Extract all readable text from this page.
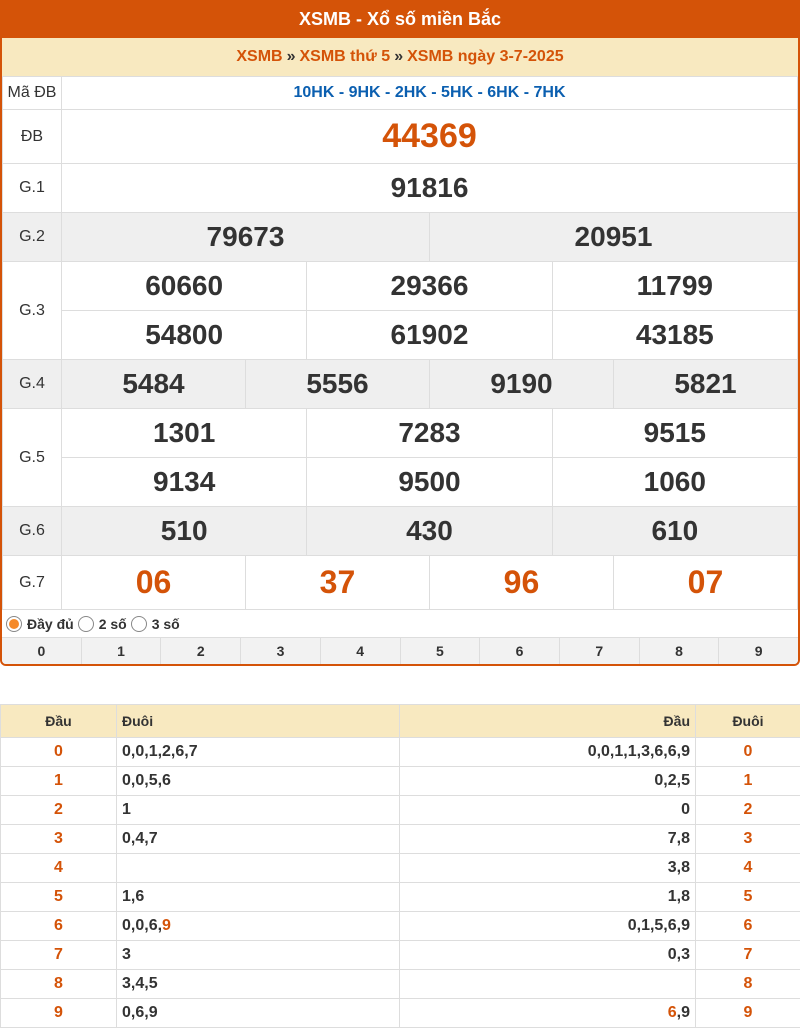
XSMB - Xổ số miền Bắc
XSMB » XSMB thứ 5 » XSMB ngày 3-7-2025
Mã ĐB	10HK - 9HK - 2HK - 5HK - 6HK - 7HK					
ĐB	44369					
G.1	91816					
G.2	79673			20951		
G.3	60660		29366		11799	
	54800		61902		43185	
G.4	5484	5556		9190		5821
G.5	1301		7283		9515	
	9134		9500		1060	
G.6	510		430		610	
G.7	06	37		96		07
Đầy đủ 2 số 3 số
0	1	2	3	4	5	6	7	8	9
Đầu	Đuôi	Đầu	Đuôi
0	0,0,1,2,6,7	0,0,1,1,3,6,6,9	0
1	0,0,5,6	0,2,5	1
2	1	0	2
3	0,4,7	7,8	3
4		3,8	4
5	1,6	1,8	5
6	0,0,6,9	0,1,5,6,9	6
7	3	0,3	7
8	3,4,5		8
9	0,6,9	6,9	9
